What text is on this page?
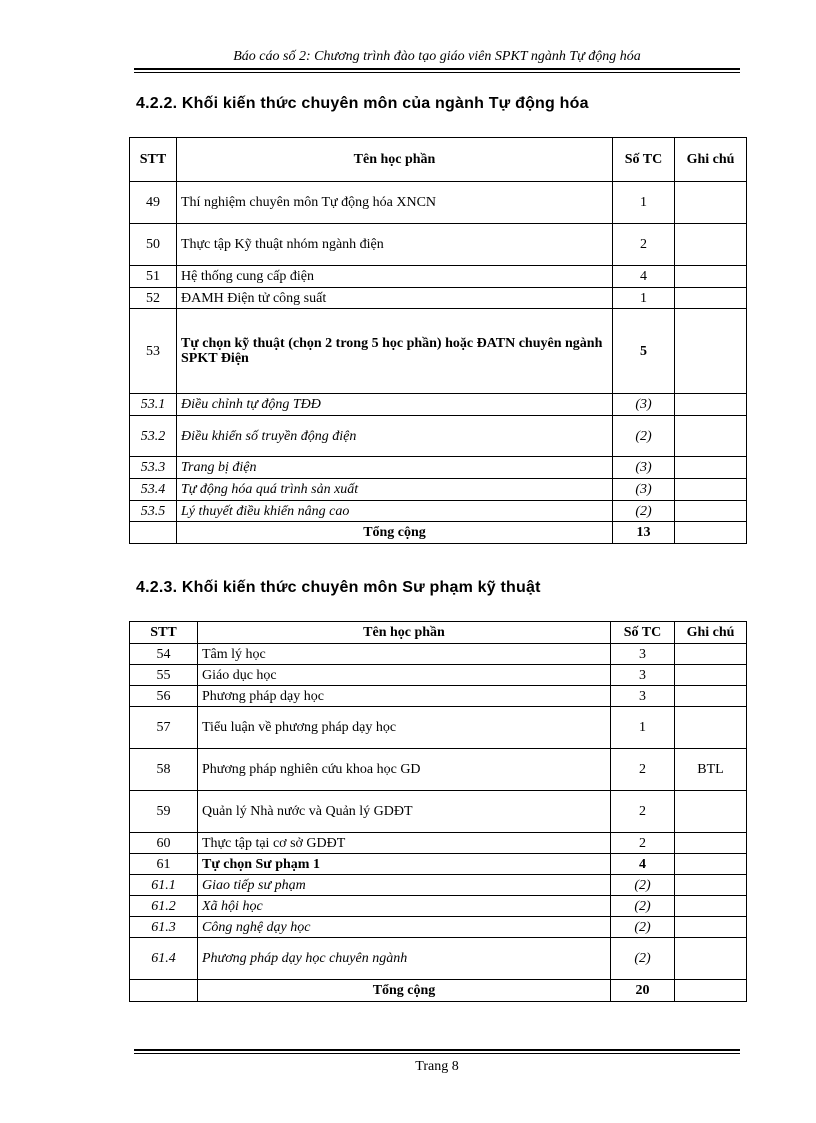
Báo cáo số 2: Chương trình đào tạo giáo viên SPKT ngành Tự động hóa
4.2.2. Khối kiến thức chuyên môn của ngành Tự động hóa
STT	Tên học phần	Số TC	Ghi chú
49	Thí nghiệm chuyên môn Tự động hóa XNCN	1	
50	Thực tập Kỹ thuật nhóm ngành điện	2	
51	Hệ thống cung cấp điện	4	
52	ĐAMH Điện tử công suất	1	
53	Tự chọn kỹ thuật (chọn 2 trong 5 học phần) hoặc ĐATN chuyên ngành SPKT Điện	5	
53.1	Điều chỉnh tự động TĐĐ	(3)	
53.2	Điều khiển số truyền động điện	(2)	
53.3	Trang bị điện	(3)	
53.4	Tự động hóa quá trình sản xuất	(3)	
53.5	Lý thuyết điều khiển nâng cao	(2)	
	Tổng cộng	13	
4.2.3. Khối kiến thức chuyên môn Sư phạm kỹ thuật
STT	Tên học phần	Số TC	Ghi chú
54	Tâm lý học	3	
55	Giáo dục học	3	
56	Phương pháp dạy học	3	
57	Tiểu luận về phương pháp dạy học	1	
58	Phương pháp nghiên cứu khoa học GD	2	BTL
59	Quản lý Nhà nước và Quản lý GDĐT	2	
60	Thực tập tại cơ sở GDĐT	2	
61	Tự chọn Sư phạm 1	4	
61.1	Giao tiếp sư phạm	(2)	
61.2	Xã hội học	(2)	
61.3	Công nghệ dạy học	(2)	
61.4	Phương pháp dạy học chuyên ngành	(2)	
	Tổng cộng	20	
Trang 8
